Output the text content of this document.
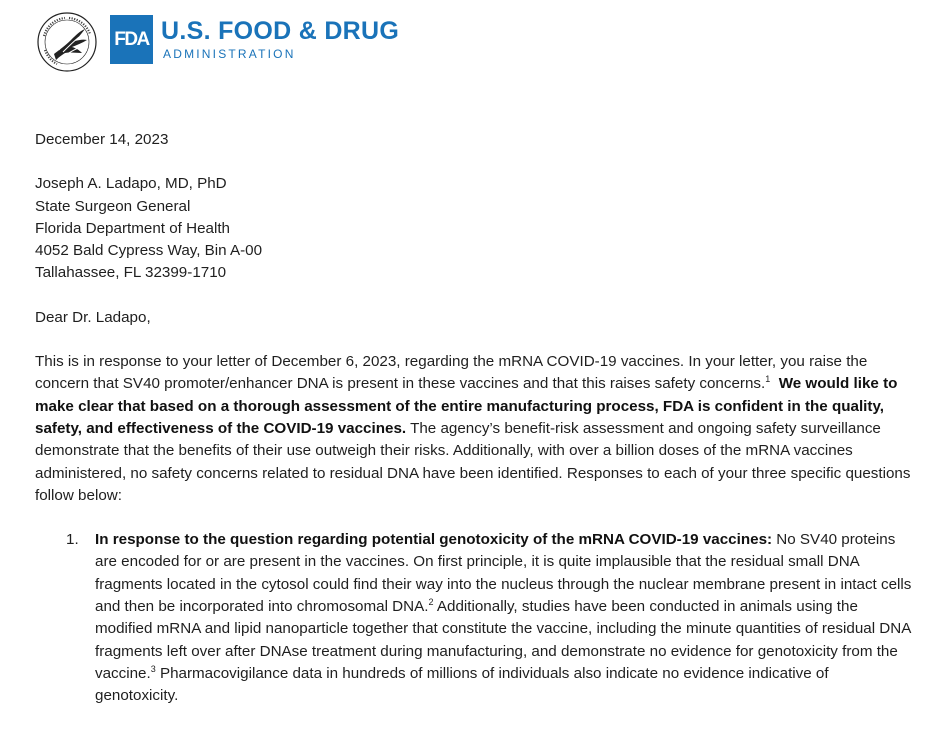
FDA U.S. FOOD & DRUG
ADMINISTRATION

December 14, 2023

Joseph A. Ladapo, MD, PhD
State Surgeon General
Florida Department of Health
4052 Bald Cypress Way, Bin A-00
Tallahassee, FL 32399-1710

Dear Dr. Ladapo,

This is in response to your letter of December 6, 2023, regarding the mRNA COVID-19 vaccines. In your letter, you raise the concern that SV40 promoter/enhancer DNA is present in these vaccines and that this raises safety concerns.$^1$ We would like to make clear that based on a thorough assessment of the entire manufacturing process, FDA is confident in the quality, safety, and effectiveness of the COVID-19 vaccines. The agency’s benefit-risk assessment and ongoing safety surveillance demonstrate that the benefits of their use outweigh their risks. Additionally, with over a billion doses of the mRNA vaccines administered, no safety concerns related to residual DNA have been identified. Responses to each of your three specific questions follow below:

1. In response to the question regarding potential genotoxicity of the mRNA COVID-19 vaccines: No SV40 proteins are encoded for or are present in the vaccines. On first principle, it is quite implausible that the residual small DNA fragments located in the cytosol could find their way into the nucleus through the nuclear membrane present in intact cells and then be incorporated into chromosomal DNA.$^2$ Additionally, studies have been conducted in animals using the modified mRNA and lipid nanoparticle together that constitute the vaccine, including the minute quantities of residual DNA fragments left over after DNAse treatment during manufacturing, and demonstrate no evidence for genotoxicity from the vaccine.$^3$ Pharmacovigilance data in hundreds of millions of individuals also indicate no evidence indicative of genotoxicity.
